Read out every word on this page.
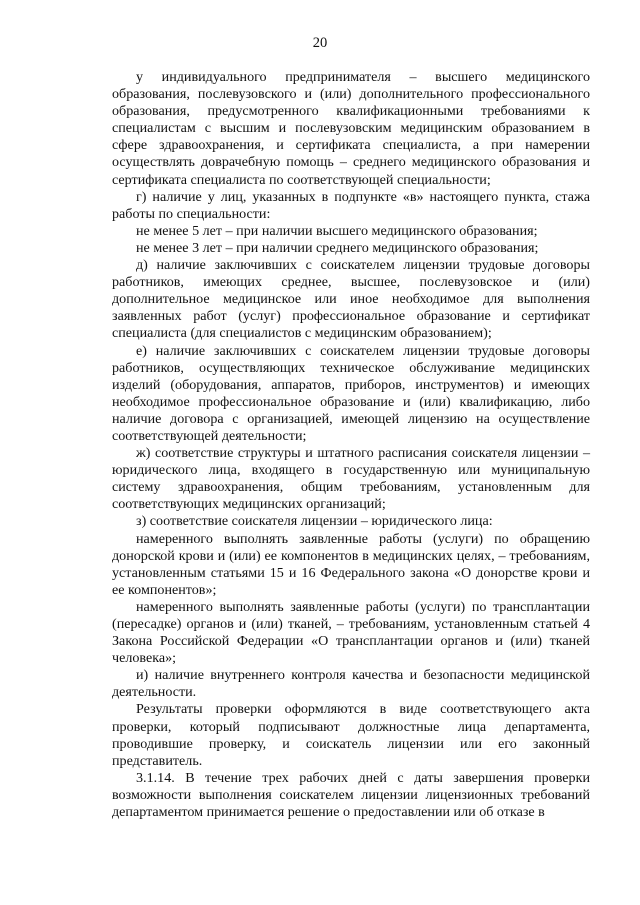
20

у индивидуального предпринимателя – высшего медицинского образования, послевузовского и (или) дополнительного профессионального образования, предусмотренного квалификационными требованиями к специалистам с высшим и послевузовским медицинским образованием в сфере здравоохранения, и сертификата специалиста, а при намерении осуществлять доврачебную помощь – среднего медицинского образования и сертификата специалиста по соответствующей специальности;

г) наличие у лиц, указанных в подпункте «в» настоящего пункта, стажа работы по специальности:

не менее 5 лет – при наличии высшего медицинского образования;

не менее 3 лет – при наличии среднего медицинского образования;

д) наличие заключивших с соискателем лицензии трудовые договоры работников, имеющих среднее, высшее, послевузовское и (или) дополнительное медицинское или иное необходимое для выполнения заявленных работ (услуг) профессиональное образование и сертификат специалиста (для специалистов с медицинским образованием);

е) наличие заключивших с соискателем лицензии трудовые договоры работников, осуществляющих техническое обслуживание медицинских изделий (оборудования, аппаратов, приборов, инструментов) и имеющих необходимое профессиональное образование и (или) квалификацию, либо наличие договора с организацией, имеющей лицензию на осуществление соответствующей деятельности;

ж) соответствие структуры и штатного расписания соискателя лицензии – юридического лица, входящего в государственную или муниципальную систему здравоохранения, общим требованиям, установленным для соответствующих медицинских организаций;

з) соответствие соискателя лицензии – юридического лица:

намеренного выполнять заявленные работы (услуги) по обращению донорской крови и (или) ее компонентов в медицинских целях, – требованиям, установленным статьями 15 и 16 Федерального закона «О донорстве крови и ее компонентов»;

намеренного выполнять заявленные работы (услуги) по трансплантации (пересадке) органов и (или) тканей, – требованиям, установленным статьей 4 Закона Российской Федерации «О трансплантации органов и (или) тканей человека»;

и) наличие внутреннего контроля качества и безопасности медицинской деятельности.

Результаты проверки оформляются в виде соответствующего акта проверки, который подписывают должностные лица департамента, проводившие проверку, и соискатель лицензии или его законный представитель.

3.1.14. В течение трех рабочих дней с даты завершения проверки возможности выполнения соискателем лицензии лицензионных требований департаментом принимается решение о предоставлении или об отказе в
